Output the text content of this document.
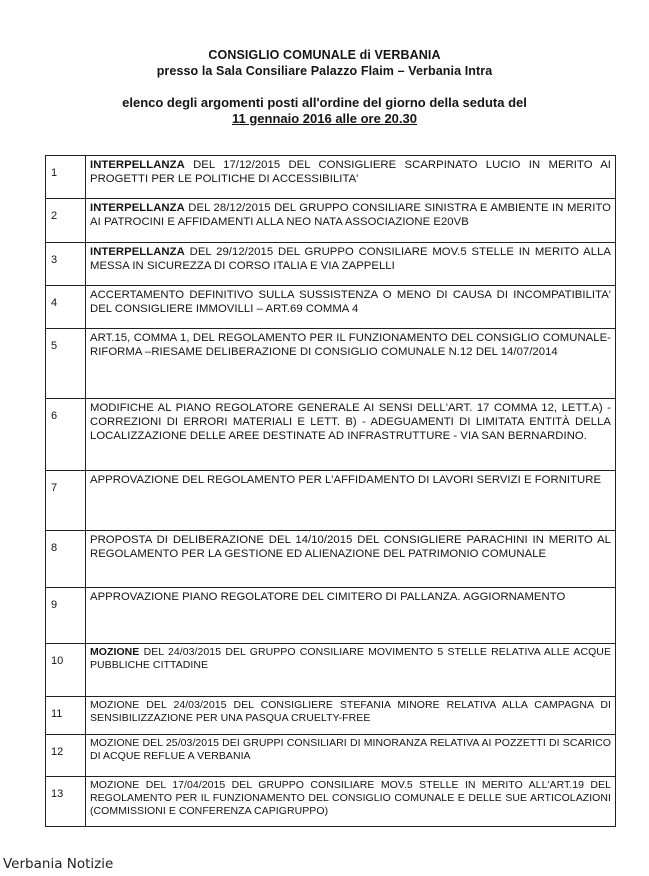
CONSIGLIO COMUNALE di VERBANIA
presso la Sala Consiliare Palazzo Flaim – Verbania Intra
elenco degli argomenti posti all'ordine del giorno della seduta del
11 gennaio 2016 alle ore 20.30
1	INTERPELLANZA DEL 17/12/2015 DEL CONSIGLIERE SCARPINATO LUCIO IN MERITO AI PROGETTI PER LE POLITICHE DI ACCESSIBILITA'

2	INTERPELLANZA DEL 28/12/2015 DEL GRUPPO CONSILIARE SINISTRA E AMBIENTE IN MERITO AI PATROCINI E AFFIDAMENTI ALLA NEO NATA ASSOCIAZIONE E20VB

3	INTERPELLANZA DEL 29/12/2015 DEL GRUPPO CONSILIARE MOV.5 STELLE IN MERITO ALLA MESSA IN SICUREZZA DI CORSO ITALIA E VIA ZAPPELLI

4	ACCERTAMENTO DEFINITIVO SULLA SUSSISTENZA O MENO DI CAUSA DI INCOMPATIBILITA' DEL CONSIGLIERE IMMOVILLI – ART.69 COMMA 4

5	ART.15, COMMA 1, DEL REGOLAMENTO PER IL FUNZIONAMENTO DEL CONSIGLIO COMUNALE- RIFORMA –RIESAME DELIBERAZIONE DI CONSIGLIO COMUNALE N.12 DEL 14/07/2014

6	MODIFICHE AL PIANO REGOLATORE GENERALE AI SENSI DELL'ART. 17 COMMA 12, LETT.A) - CORREZIONI DI ERRORI MATERIALI E LETT. B) - ADEGUAMENTI DI LIMITATA ENTITÀ DELLA LOCALIZZAZIONE DELLE AREE DESTINATE AD INFRASTRUTTURE - VIA SAN BERNARDINO.

7	APPROVAZIONE DEL REGOLAMENTO PER L'AFFIDAMENTO DI LAVORI SERVIZI E FORNITURE

8	PROPOSTA DI DELIBERAZIONE DEL 14/10/2015 DEL CONSIGLIERE PARACHINI IN MERITO AL REGOLAMENTO PER LA GESTIONE ED ALIENAZIONE DEL PATRIMONIO COMUNALE

9	APPROVAZIONE PIANO REGOLATORE DEL CIMITERO DI PALLANZA. AGGIORNAMENTO

10	MOZIONE DEL 24/03/2015 DEL GRUPPO CONSILIARE MOVIMENTO 5 STELLE RELATIVA ALLE ACQUE PUBBLICHE CITTADINE

11	MOZIONE DEL 24/03/2015 DEL CONSIGLIERE STEFANIA MINORE RELATIVA ALLA CAMPAGNA DI SENSIBILIZZAZIONE PER UNA PASQUA CRUELTY-FREE

12	MOZIONE DEL 25/03/2015 DEI GRUPPI CONSILIARI DI MINORANZA RELATIVA AI POZZETTI DI SCARICO DI ACQUE REFLUE A VERBANIA

13	MOZIONE DEL 17/04/2015 DEL GRUPPO CONSILIARE MOV.5 STELLE IN MERITO ALL'ART.19 DEL REGOLAMENTO PER IL FUNZIONAMENTO DEL CONSIGLIO COMUNALE E DELLE SUE ARTICOLAZIONI (COMMISSIONI E CONFERENZA CAPIGRUPPO)
Verbania Notizie
